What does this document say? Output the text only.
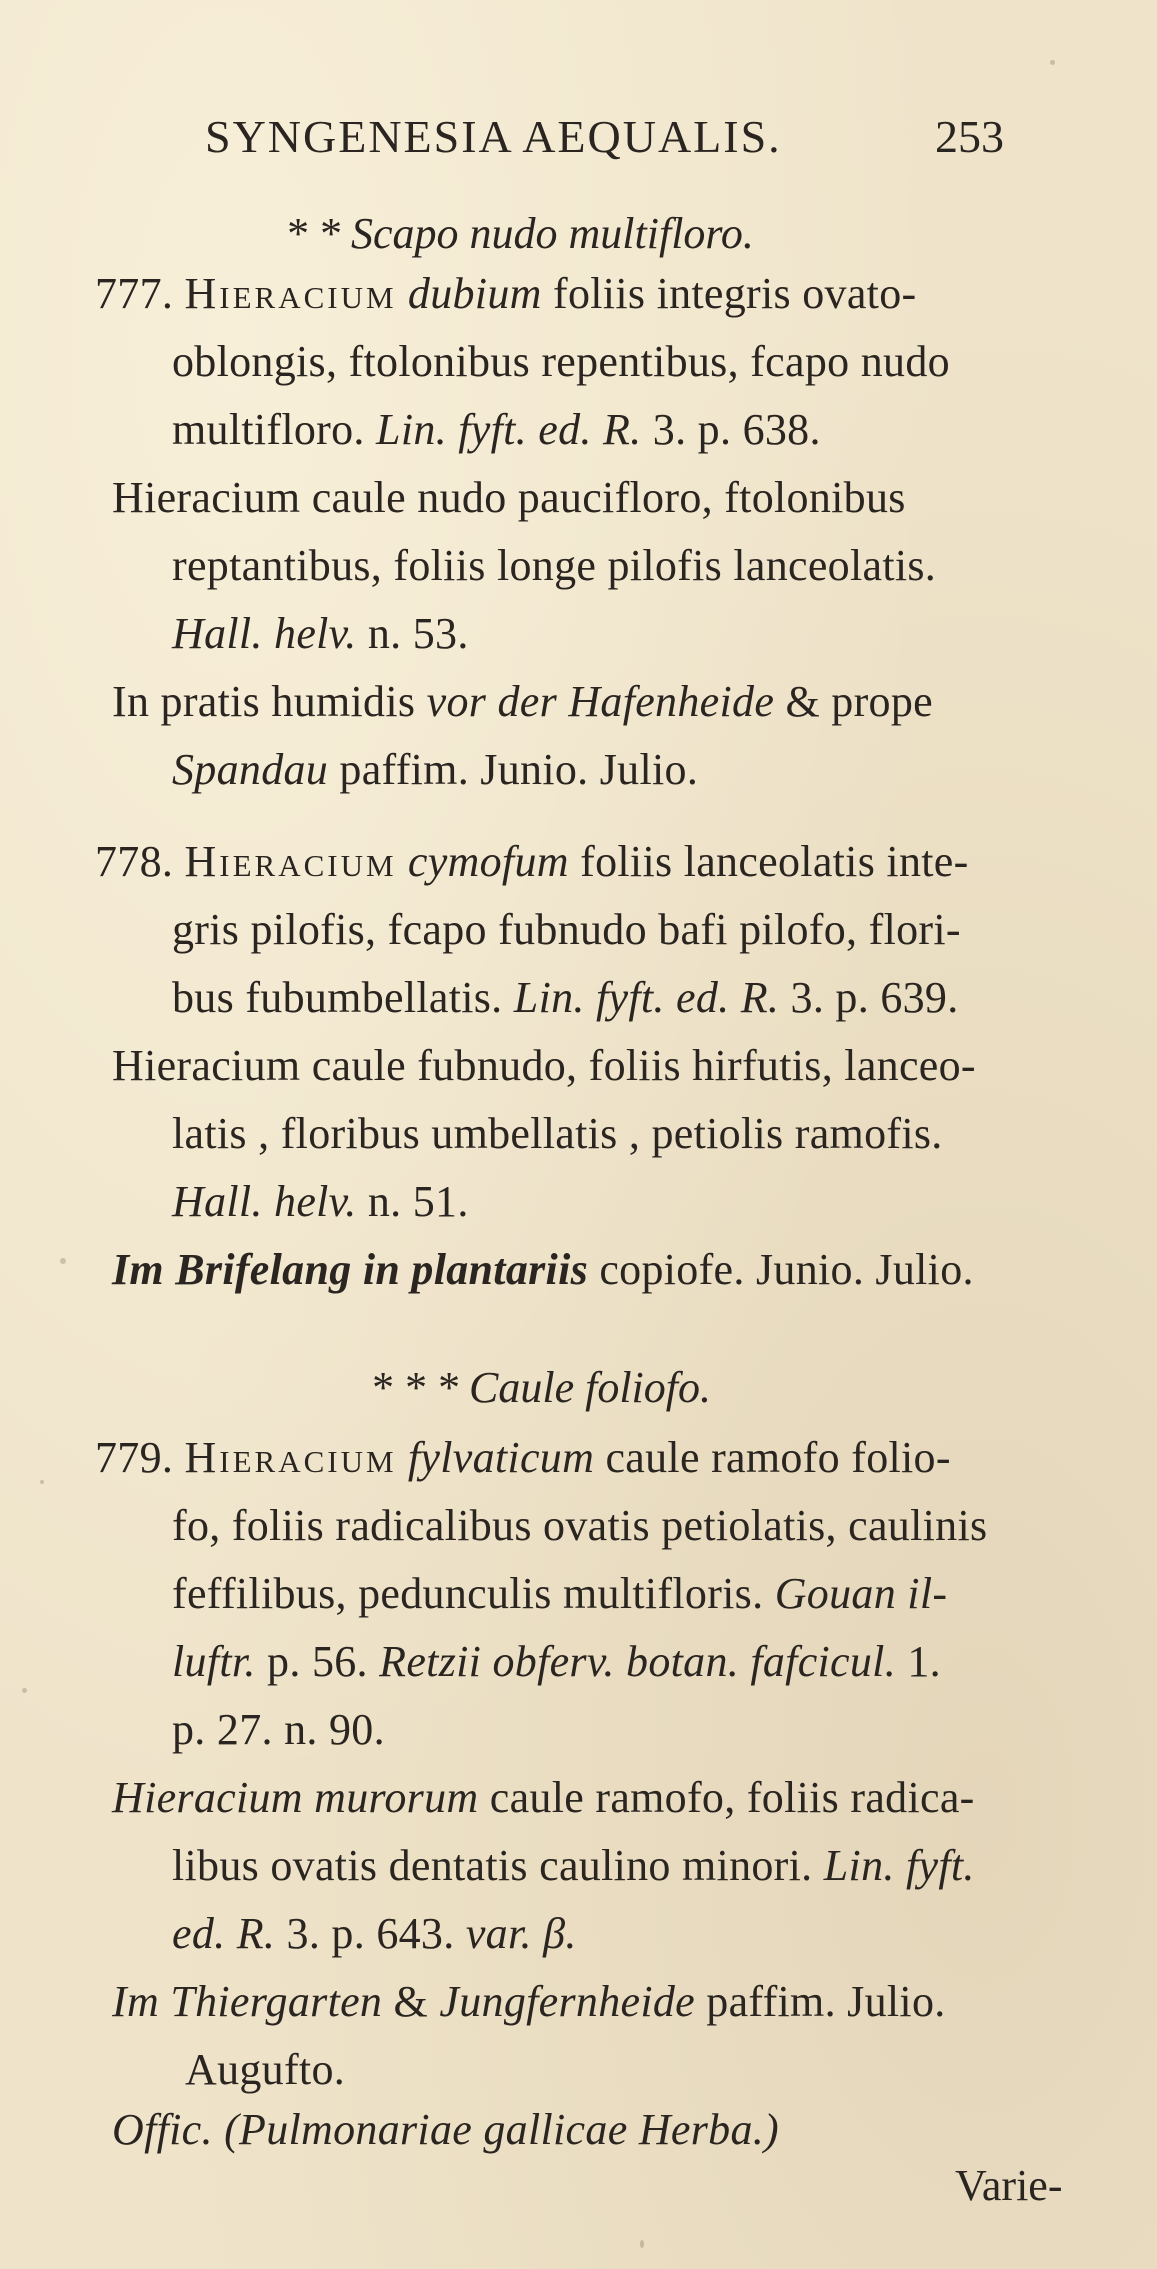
SYNGENESIA AEQUALIS.	253
* * Scapo nudo multifloro.
777. Hieracium dubium foliis integris ovato-
oblongis, ftolonibus repentibus, fcapo nudo
multifloro. Lin. fyft. ed. R. 3. p. 638.
Hieracium caule nudo paucifloro, ftolonibus
reptantibus, foliis longe pilofis lanceolatis.
Hall. helv. n. 53.
In pratis humidis vor der Hafenheide & prope
Spandau paffim. Junio. Julio.
778. Hieracium cymofum foliis lanceolatis inte-
gris pilofis, fcapo fubnudo bafi pilofo, flori-
bus fubumbellatis. Lin. fyft. ed. R. 3. p. 639.
Hieracium caule fubnudo, foliis hirfutis, lanceo-
latis , floribus umbellatis , petiolis ramofis.
Hall. helv. n. 51.
Im Brifelang in plantariis copiofe. Junio. Julio.
* * * Caule foliofo.
779. Hieracium fylvaticum caule ramofo folio-
fo, foliis radicalibus ovatis petiolatis, caulinis
feffilibus, pedunculis multifloris. Gouan il-
luftr. p. 56. Retzii obferv. botan. fafcicul. 1.
p. 27. n. 90.
Hieracium murorum caule ramofo, foliis radica-
libus ovatis dentatis caulino minori. Lin. fyft.
ed. R. 3. p. 643. var. β.
Im Thiergarten & Jungfernheide paffim. Julio.
Augufto.
Offic. (Pulmonariae gallicae Herba.)
Varie-
